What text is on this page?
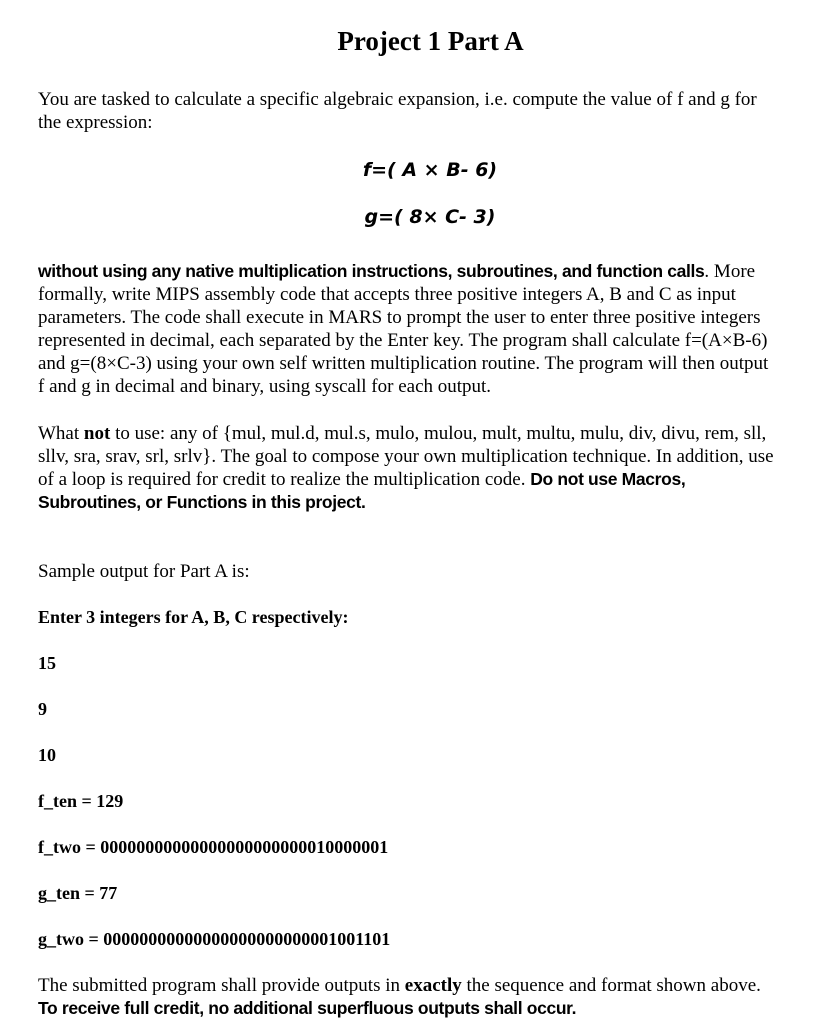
Project 1 Part A
You are tasked to calculate a specific algebraic expansion, i.e. compute the value of f and g for
the expression:
f=( A × B- 6)
g=( 8× C- 3)
without using any native multiplication instructions, subroutines, and function calls. More
formally, write MIPS assembly code that accepts three positive integers A, B and C as input
parameters. The code shall execute in MARS to prompt the user to enter three positive integers
represented in decimal, each separated by the Enter key. The program shall calculate f=(A×B-6)
and g=(8×C-3) using your own self written multiplication routine. The program will then output
f and g in decimal and binary, using syscall for each output.
What not to use: any of {mul, mul.d, mul.s, mulo, mulou, mult, multu, mulu, div, divu, rem, sll,
sllv, sra, srav, srl, srlv}. The goal to compose your own multiplication technique. In addition, use
of a loop is required for credit to realize the multiplication code. Do not use Macros,
Subroutines, or Functions in this project.
Sample output for Part A is:
Enter 3 integers for A, B, C respectively:
15
9
10
f_ten = 129
f_two = 00000000000000000000000010000001
g_ten = 77
g_two = 00000000000000000000000001001101
The submitted program shall provide outputs in exactly the sequence and format shown above.
To receive full credit, no additional superfluous outputs shall occur.
